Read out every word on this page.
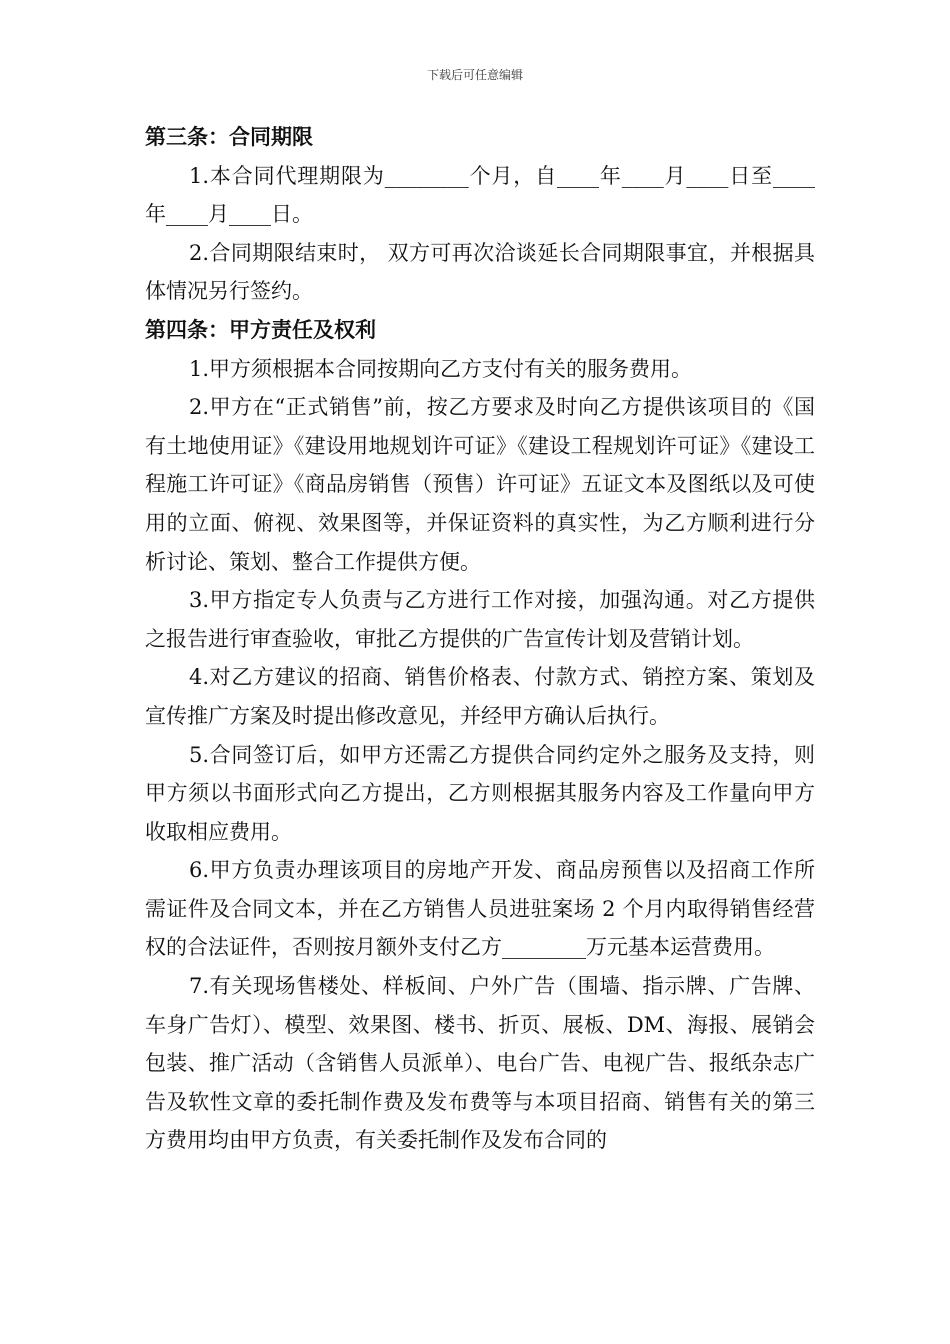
下载后可任意编辑

第三条：合同期限

1.本合同代理期限为________个月，自____年____月____日至____年____月____日。

2.合同期限结束时， 双方可再次洽谈延长合同期限事宜，并根据具体情况另行签约。

第四条：甲方责任及权利

1.甲方须根据本合同按期向乙方支付有关的服务费用。

2.甲方在“正式销售”前，按乙方要求及时向乙方提供该项目的《国有土地使用证》《建设用地规划许可证》《建设工程规划许可证》《建设工程施工许可证》《商品房销售（预售）许可证》五证文本及图纸以及可使用的立面、俯视、效果图等，并保证资料的真实性，为乙方顺利进行分析讨论、策划、整合工作提供方便。

3.甲方指定专人负责与乙方进行工作对接，加强沟通。对乙方提供之报告进行审查验收，审批乙方提供的广告宣传计划及营销计划。

4.对乙方建议的招商、销售价格表、付款方式、销控方案、策划及宣传推广方案及时提出修改意见，并经甲方确认后执行。

5.合同签订后，如甲方还需乙方提供合同约定外之服务及支持，则甲方须以书面形式向乙方提出，乙方则根据其服务内容及工作量向甲方收取相应费用。

6.甲方负责办理该项目的房地产开发、商品房预售以及招商工作所需证件及合同文本，并在乙方销售人员进驻案场 2 个月内取得销售经营权的合法证件，否则按月额外支付乙方________万元基本运营费用。

7.有关现场售楼处、样板间、户外广告（围墙、指示牌、广告牌、车身广告灯）、模型、效果图、楼书、折页、展板、DM、海报、展销会包装、推广活动（含销售人员派单）、电台广告、电视广告、报纸杂志广告及软性文章的委托制作费及发布费等与本项目招商、销售有关的第三方费用均由甲方负责，有关委托制作及发布合同的
